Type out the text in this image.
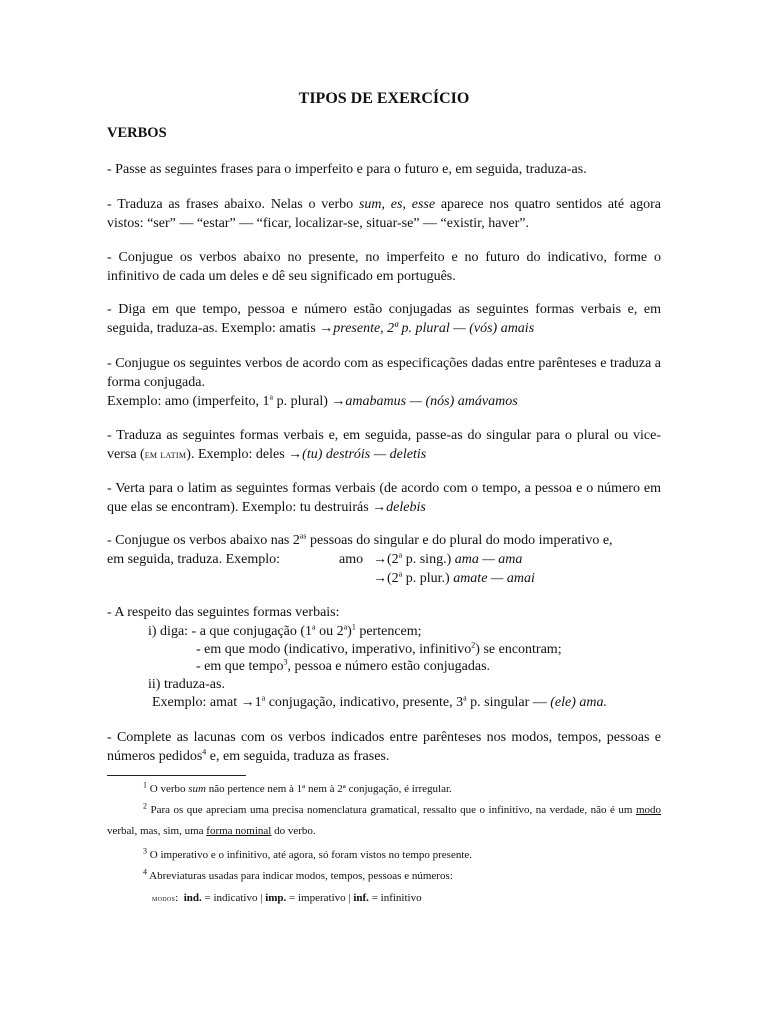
TIPOS DE EXERCÍCIO
VERBOS
- Passe as seguintes frases para o imperfeito e para o futuro e, em seguida, traduza-as.
- Traduza as frases abaixo. Nelas o verbo sum, es, esse aparece nos quatro sentidos até agora vistos: “ser” — “estar” — “ficar, localizar-se, situar-se” — “existir, haver”.
- Conjugue os verbos abaixo no presente, no imperfeito e no futuro do indicativo, forme o infinitivo de cada um deles e dê seu significado em português.
- Diga em que tempo, pessoa e número estão conjugadas as seguintes formas verbais e, em seguida, traduza-as. Exemplo: amatis →presente, 2ª p. plural — (vós) amais
- Conjugue os seguintes verbos de acordo com as especificações dadas entre parênteses e traduza a forma conjugada.
Exemplo: amo (imperfeito, 1$^a$ p. plural) →amabamus — (nós) amávamos
- Traduza as seguintes formas verbais e, em seguida, passe-as do singular para o plural ou vice-versa (em latim). Exemplo: deles →(tu) destróis — deletis
- Verta para o latim as seguintes formas verbais (de acordo com o tempo, a pessoa e o número em que elas se encontram). Exemplo: tu destruirás →delebis
- Conjugue os verbos abaixo nas $2^{as}$ pessoas do singular e do plural do modo imperativo e,
em seguida, traduza. Exemplo:	amo $\to(2^a$ p. sing.) ama — ama
$\to(2^a$ p. plur.) amate — amai
- A respeito das seguintes formas verbais:
i) diga: - a que conjugação (1$^a$ ou 2$^a$)$^1$ pertencem;
- em que modo (indicativo, imperativo, infinitivo$^2$) se encontram;
- em que tempo$^3$, pessoa e número estão conjugadas.
ii) traduza-as.
Exemplo: amat $\to 1^a$ conjugação, indicativo, presente, 3$^a$ p. singular — (ele) ama.
- Complete as lacunas com os verbos indicados entre parênteses nos modos, tempos, pessoas e números pedidos$^4$ e, em seguida, traduza as frases.
$^1$ O verbo sum não pertence nem à 1ª nem à 2ª conjugação, é irregular.
$^2$ Para os que apreciam uma precisa nomenclatura gramatical, ressalto que o infinitivo, na verdade, não é um modo verbal, mas, sim, uma forma nominal do verbo.
$^3$ O imperativo e o infinitivo, até agora, só foram vistos no tempo presente.
$^4$ Abreviaturas usadas para indicar modos, tempos, pessoas e números:
modos: ind. = indicativo | imp. = imperativo | inf. = infinitivo
